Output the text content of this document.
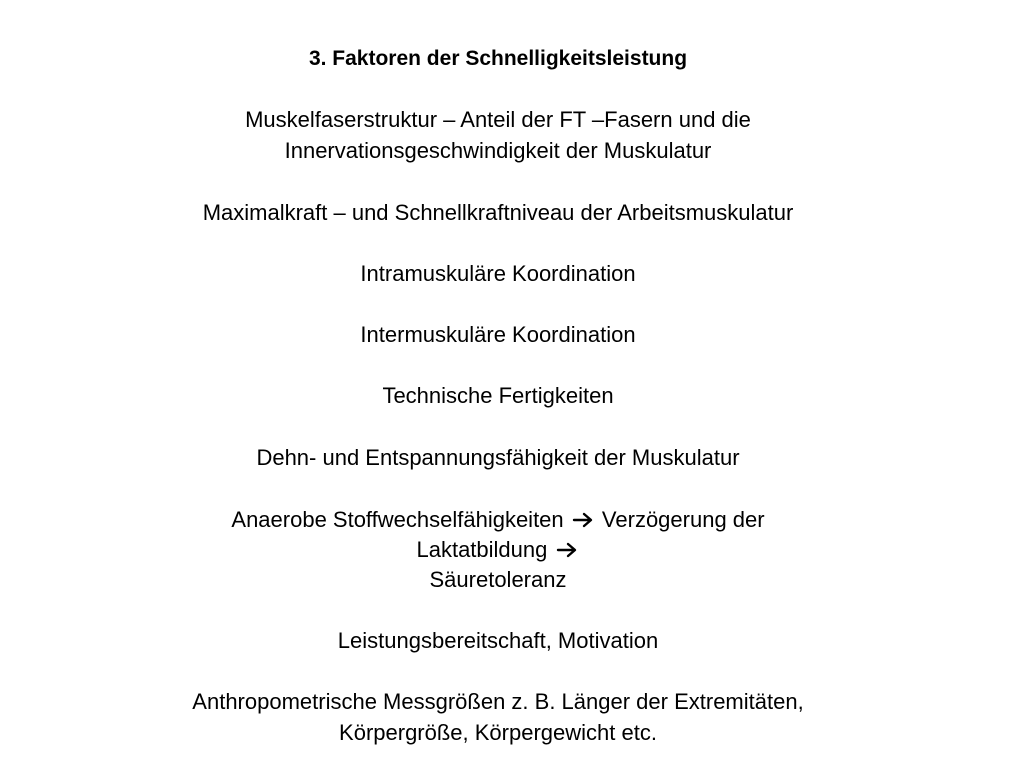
3. Faktoren der Schnelligkeitsleistung
Muskelfaserstruktur – Anteil der FT –Fasern und die
Innervationsgeschwindigkeit der Muskulatur
Maximalkraft – und Schnellkraftniveau der Arbeitsmuskulatur
Intramuskuläre Koordination
Intermuskuläre Koordination
Technische Fertigkeiten
Dehn- und Entspannungsfähigkeit der Muskulatur
Anaerobe Stoffwechselfähigkeiten Verzögerung der
Laktatbildung
Säuretoleranz
Leistungsbereitschaft, Motivation
Anthropometrische Messgrößen z. B. Länger der Extremitäten,
Körpergröße, Körpergewicht etc.
